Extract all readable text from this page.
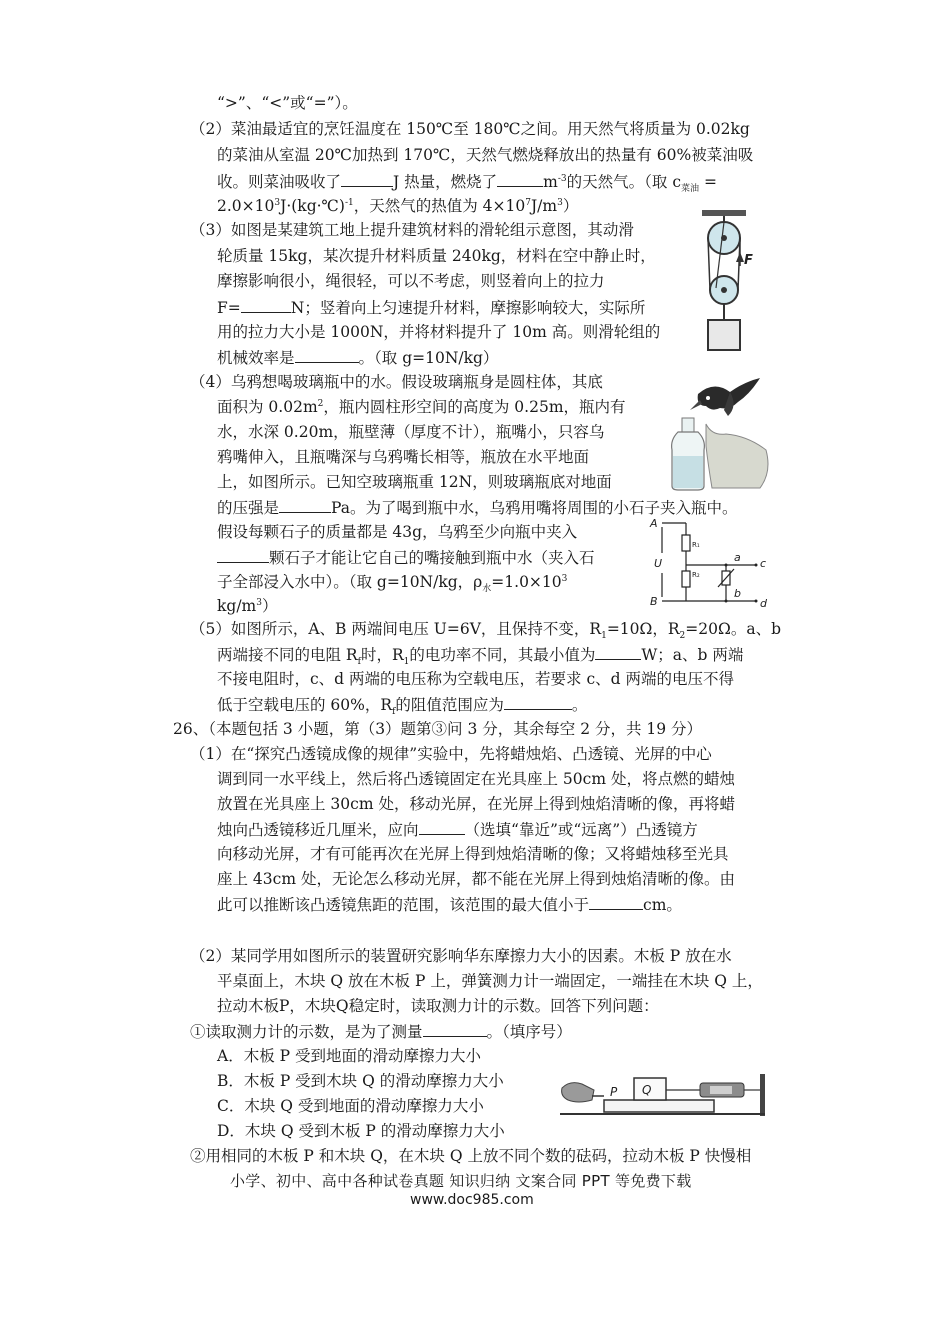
“>”、“<”或“=”）。
（2）菜油最适宜的烹饪温度在 150℃至 180℃之间。用天然气将质量为 0.02kg
的菜油从室温 20℃加热到 170℃，天然气燃烧释放出的热量有 60%被菜油吸
收。则菜油吸收了	J 热量，燃烧了	$m^{-3}$的天然气。（取 $c_{菜油}$ =
$2.0\times 10^3J\cdot(kg\cdot℃)^{-1}$，天然气的热值为 $4\times 10^7J/m^3$）
（3）如图是某建筑工地上提升建筑材料的滑轮组示意图，其动滑
轮质量 15kg，某次提升材料质量 240kg，材料在空中静止时，
摩擦影响很小，绳很轻，可以不考虑，则竖着向上的拉力
F=	N；竖着向上匀速提升材料，摩擦影响较大，实际所
用的拉力大小是 1000N，并将材料提升了 10m 高。则滑轮组的
机械效率是	。（取 g=10N/kg）
F
（4）乌鸦想喝玻璃瓶中的水。假设玻璃瓶身是圆柱体，其底
面积为 $0.02m^2$，瓶内圆柱形空间的高度为 0.25m，瓶内有
水，水深 0.20m，瓶壁薄（厚度不计），瓶嘴小，只容乌
鸦嘴伸入，且瓶嘴深与乌鸦嘴长相等，瓶放在水平地面
上，如图所示。已知空玻璃瓶重 12N，则玻璃瓶底对地面
的压强是	Pa。为了喝到瓶中水，乌鸦用嘴将周围的小石子夹入瓶中。
假设每颗石子的质量都是 43g，乌鸦至少向瓶中夹入
颗石子才能让它自己的嘴接触到瓶中水（夹入石
子全部浸入水中）。（取 g=10N/kg，$\rho_水=1.0\times 10^3$
$kg/m^3$）
A
B
U	a
b
c
d
R₁
R₂
（5）如图所示，A、B 两端间电压 U=6V，且保持不变，$R_1=10\Omega$，$R_2=20\Omega$。a、b
两端接不同的电阻 $R_f$时，$R_1$的电功率不同，其最小值为	W；a、b 两端
不接电阻时，c、d 两端的电压称为空载电压，若要求 c、d 两端的电压不得
低于空载电压的 60%，$R_f$的阻值范围应为	。
26、（本题包括 3 小题，第（3）题第③问 3 分，其余每空 2 分，共 19 分）
（1）在“探究凸透镜成像的规律”实验中，先将蜡烛焰、凸透镜、光屏的中心
调到同一水平线上，然后将凸透镜固定在光具座上 50cm 处，将点燃的蜡烛
放置在光具座上 30cm 处，移动光屏，在光屏上得到烛焰清晰的像，再将蜡
烛向凸透镜移近几厘米，应向	（选填“靠近”或“远离”）凸透镜方
向移动光屏，才有可能再次在光屏上得到烛焰清晰的像；又将蜡烛移至光具
座上 43cm 处，无论怎么移动光屏，都不能在光屏上得到烛焰清晰的像。由
此可以推断该凸透镜焦距的范围，该范围的最大值小于	cm。
（2）某同学用如图所示的装置研究影响华东摩擦力大小的因素。木板 P 放在水
平桌面上，木块 Q 放在木板 P 上，弹簧测力计一端固定，一端挂在木块 Q 上，
拉动木板P，木块Q稳定时，读取测力计的示数。回答下列问题：
①读取测力计的示数，是为了测量	。（填序号）
A．木板 P 受到地面的滑动摩擦力大小
B．木板 P 受到木块 Q 的滑动摩擦力大小
C．木块 Q 受到地面的滑动摩擦力大小
D．木块 Q 受到木板 P 的滑动摩擦力大小
②用相同的木板 P 和木块 Q，在木块 Q 上放不同个数的砝码，拉动木板 P 快慢相
P Q
小学、初中、高中各种试卷真题 知识归纳 文案合同 PPT 等免费下载
www.doc985.com
